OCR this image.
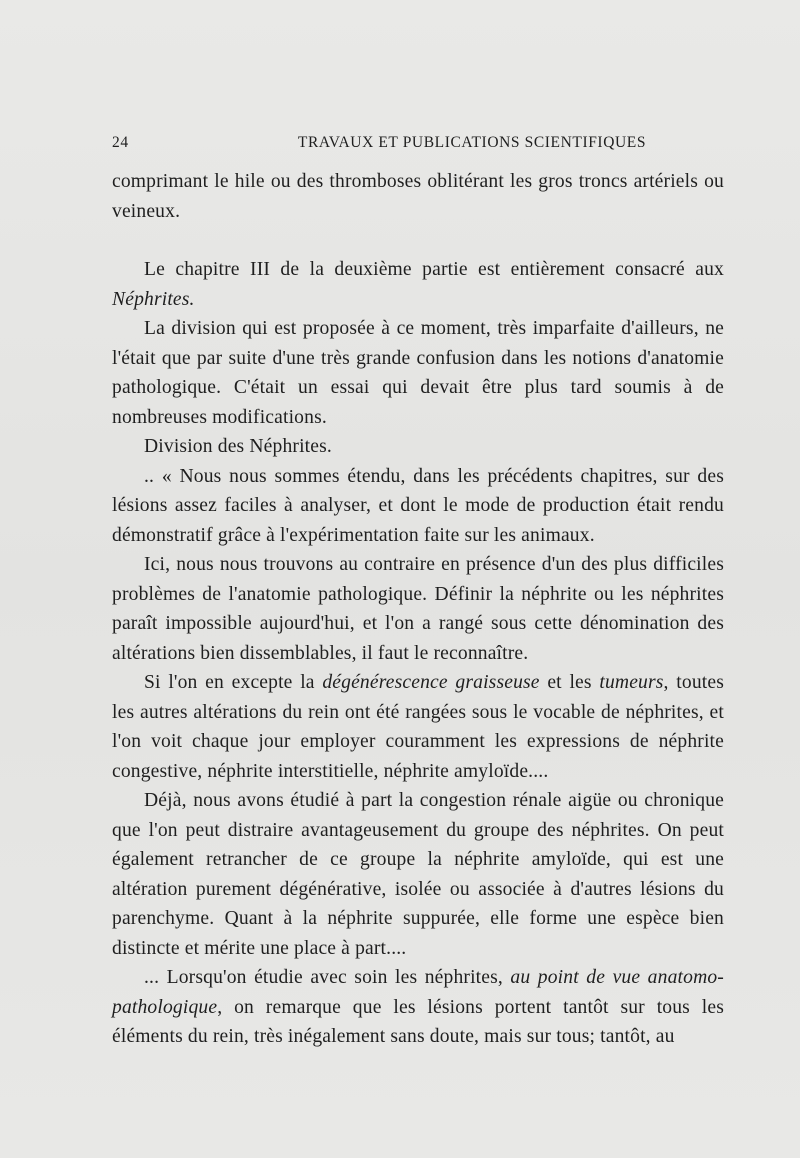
24	TRAVAUX ET PUBLICATIONS SCIENTIFIQUES

comprimant le hile ou des thromboses oblitérant les gros troncs artériels ou veineux.

Le chapitre III de la deuxième partie est entièrement consacré aux Néphrites.

La division qui est proposée à ce moment, très imparfaite d'ailleurs, ne l'était que par suite d'une très grande confusion dans les notions d'anatomie pathologique. C'était un essai qui devait être plus tard soumis à de nombreuses modifications.

Division des Néphrites.

.. « Nous nous sommes étendu, dans les précédents chapitres, sur des lésions assez faciles à analyser, et dont le mode de production était rendu démonstratif grâce à l'expérimentation faite sur les animaux.

Ici, nous nous trouvons au contraire en présence d'un des plus difficiles problèmes de l'anatomie pathologique. Définir la néphrite ou les néphrites paraît impossible aujourd'hui, et l'on a rangé sous cette dénomination des altérations bien dissemblables, il faut le reconnaître.

Si l'on en excepte la dégénérescence graisseuse et les tumeurs, toutes les autres altérations du rein ont été rangées sous le vocable de néphrites, et l'on voit chaque jour employer couramment les expressions de néphrite congestive, néphrite interstitielle, néphrite amyloïde....

Déjà, nous avons étudié à part la congestion rénale aigüe ou chronique que l'on peut distraire avantageusement du groupe des néphrites. On peut également retrancher de ce groupe la néphrite amyloïde, qui est une altération purement dégénérative, isolée ou associée à d'autres lésions du parenchyme. Quant à la néphrite suppurée, elle forme une espèce bien distincte et mérite une place à part....

... Lorsqu'on étudie avec soin les néphrites, au point de vue anatomo-pathologique, on remarque que les lésions portent tantôt sur tous les éléments du rein, très inégalement sans doute, mais sur tous; tantôt, au
